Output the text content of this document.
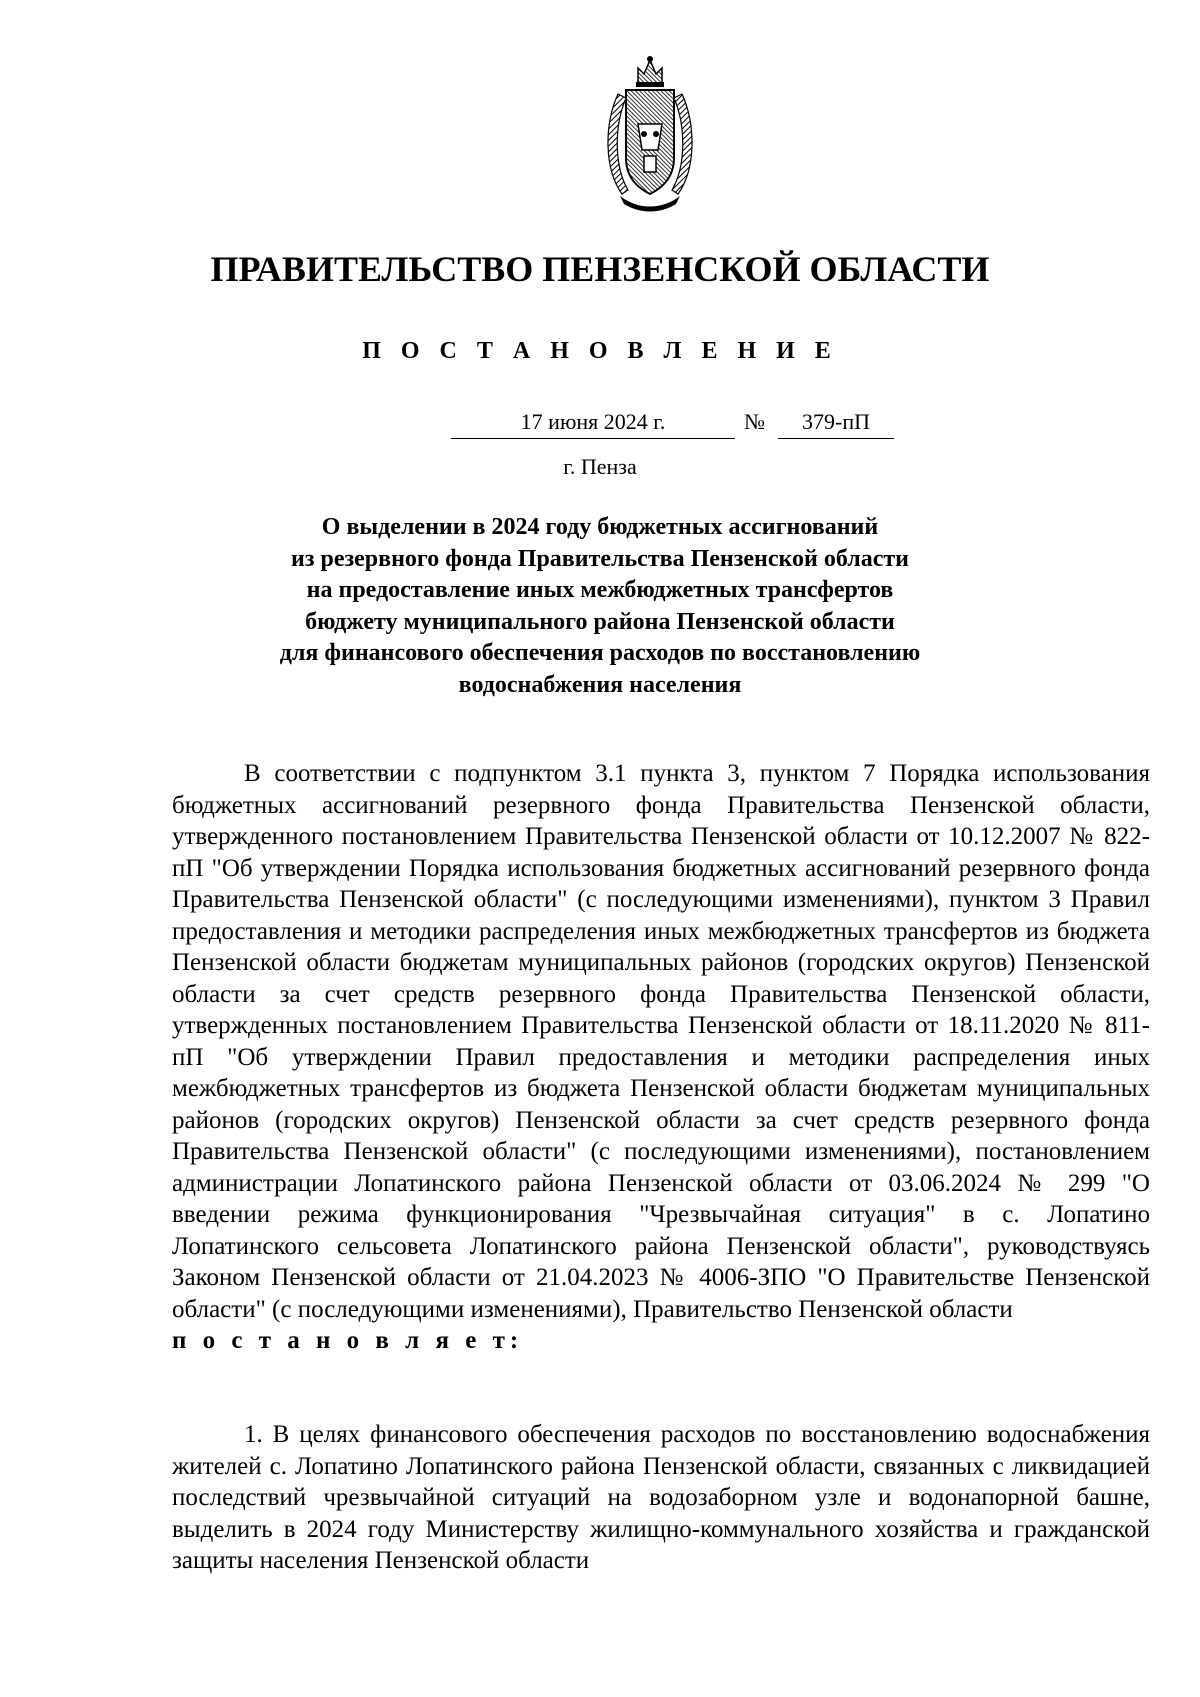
ПРАВИТЕЛЬСТВО ПЕНЗЕНСКОЙ ОБЛАСТИ
П О С Т А Н О В Л Е Н И Е
17 июня 2024 г.	№	379-пП
г. Пенза
О выделении в 2024 году бюджетных ассигнований
из резервного фонда Правительства Пензенской области
на предоставление иных межбюджетных трансфертов
бюджету муниципального района Пензенской области
для финансового обеспечения расходов по восстановлению
водоснабжения населения

В соответствии с подпунктом 3.1 пункта 3, пунктом 7 Порядка использования бюджетных ассигнований резервного фонда Правительства Пензенской области, утвержденного постановлением Правительства Пензенской области от 10.12.2007 № 822-пП "Об утверждении Порядка использования бюджетных ассигнований резервного фонда Правительства Пензенской области" (с последующими изменениями), пунктом 3 Правил предоставления и методики распределения иных межбюджетных трансфертов из бюджета Пензенской области бюджетам муниципальных районов (городских округов) Пензенской области за счет средств резервного фонда Правительства Пензенской области, утвержденных постановлением Правительства Пензенской области от 18.11.2020 № 811-пП "Об утверждении Правил предоставления и методики распределения иных межбюджетных трансфертов из бюджета Пензенской области бюджетам муниципальных районов (городских округов) Пензенской области за счет средств резервного фонда Правительства Пензенской области" (с последующими изменениями), постановлением администрации Лопатинского района Пензенской области от 03.06.2024 № 299 "О введении режима функционирования "Чрезвычайная ситуация" в с. Лопатино Лопатинского сельсовета Лопатинского района Пензенской области", руководствуясь Законом Пензенской области от 21.04.2023 № 4006-ЗПО "О Правительстве Пензенской области" (с последующими изменениями), Правительство Пензенской области
п о с т а н о в л я е т:

1. В целях финансового обеспечения расходов по восстановлению водоснабжения жителей с. Лопатино Лопатинского района Пензенской области, связанных с ликвидацией последствий чрезвычайной ситуаций на водозаборном узле и водонапорной башне, выделить в 2024 году Министерству жилищно-коммунального хозяйства и гражданской защиты населения Пензенской области
